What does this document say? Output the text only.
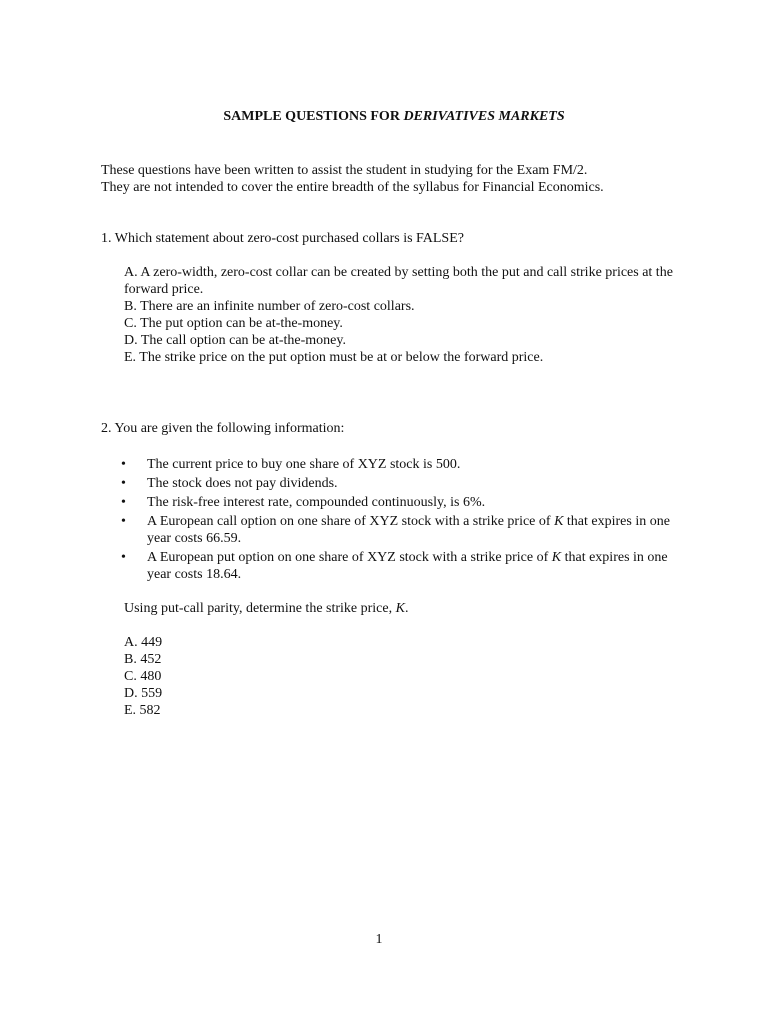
SAMPLE QUESTIONS FOR DERIVATIVES MARKETS

These questions have been written to assist the student in studying for the Exam FM/2.

They are not intended to cover the entire breadth of the syllabus for Financial Economics.

1. Which statement about zero-cost purchased collars is FALSE?

A. A zero-width, zero-cost collar can be created by setting both the put and call strike prices at the forward price.
B. There are an infinite number of zero-cost collars.
C. The put option can be at-the-money.
D. The call option can be at-the-money.
E. The strike price on the put option must be at or below the forward price.

2. You are given the following information:

• The current price to buy one share of XYZ stock is 500.
• The stock does not pay dividends.
• The risk-free interest rate, compounded continuously, is 6%.
• A European call option on one share of XYZ stock with a strike price of K that expires in one year costs 66.59.
• A European put option on one share of XYZ stock with a strike price of K that expires in one year costs 18.64.

Using put-call parity, determine the strike price, K.

A. 449
B. 452
C. 480
D. 559
E. 582
1
